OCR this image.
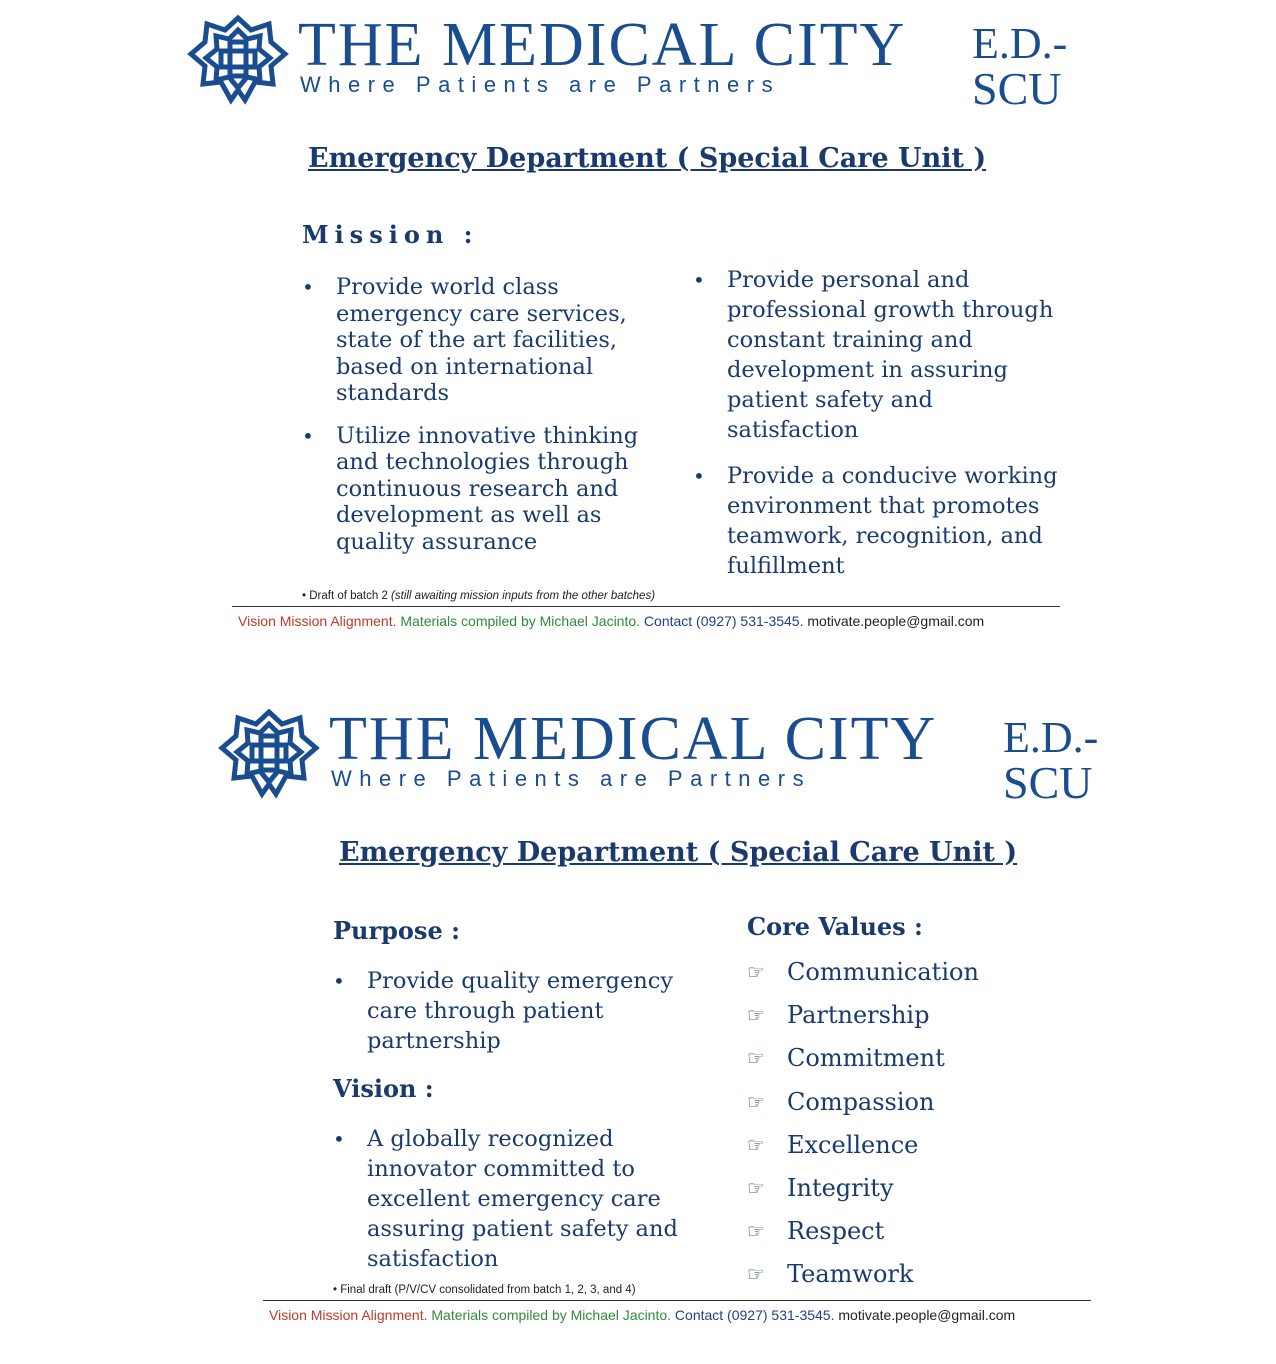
THE MEDICAL CITY
Where Patients are Partners
E.D.-
SCU
Emergency Department ( Special Care Unit )
Mission :
• Provide world class emergency care services, state of the art facilities, based on international standards
• Utilize innovative thinking and technologies through continuous research and development as well as quality assurance
• Provide personal and professional growth through constant training and development in assuring patient safety and satisfaction
• Provide a conducive working environment that promotes teamwork, recognition, and fulfillment
• Draft of batch 2 (still awaiting mission inputs from the other batches)
Vision Mission Alignment. Materials compiled by Michael Jacinto. Contact (0927) 531-3545. motivate.people@gmail.com
THE MEDICAL CITY
Where Patients are Partners
E.D.-
SCU
Emergency Department ( Special Care Unit )
Purpose :
• Provide quality emergency care through patient partnership
Vision :
• A globally recognized innovator committed to excellent emergency care assuring patient safety and satisfaction
Core Values :
☞ Communication
☞ Partnership
☞ Commitment
☞ Compassion
☞ Excellence
☞ Integrity
☞ Respect
☞ Teamwork
• Final draft (P/V/CV consolidated from batch 1, 2, 3, and 4)
Vision Mission Alignment. Materials compiled by Michael Jacinto. Contact (0927) 531-3545. motivate.people@gmail.com
